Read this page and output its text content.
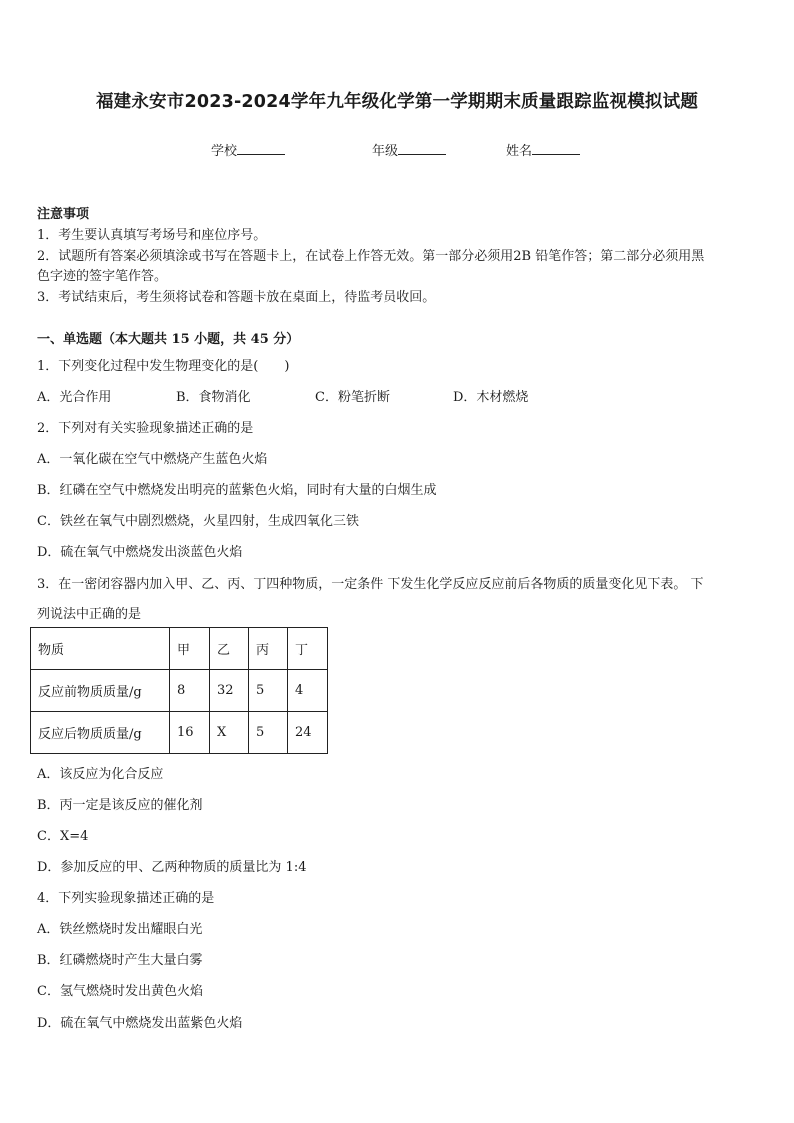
福建永安市2023-2024学年九年级化学第一学期期末质量跟踪监视模拟试题
学校	年级	姓名
注意事项
1．考生要认真填写考场号和座位序号。
2．试题所有答案必须填涂或书写在答题卡上，在试卷上作答无效。第一部分必须用2B 铅笔作答；第二部分必须用黑
色字迹的签字笔作答。
3．考试结束后，考生须将试卷和答题卡放在桌面上，待监考员收回。
一、单选题（本大题共 15 小题，共 45 分）
1．下列变化过程中发生物理变化的是(　　)
A．光合作用	B．食物消化	C．粉笔折断	D．木材燃烧
2．下列对有关实验现象描述正确的是
A．一氧化碳在空气中燃烧产生蓝色火焰
B．红磷在空气中燃烧发出明亮的蓝紫色火焰，同时有大量的白烟生成
C．铁丝在氧气中剧烈燃烧，火星四射，生成四氧化三铁
D．硫在氧气中燃烧发出淡蓝色火焰
3．在一密闭容器内加入甲、乙、丙、丁四种物质，一定条件 下发生化学反应反应前后各物质的质量变化见下表。 下
列说法中正确的是
物质	甲	乙	丙	丁
反应前物质质量/g	8	32	5	4
反应后物质质量/g	16	X	5	24
A．该反应为化合反应
B．丙一定是该反应的催化剂
C．X=4
D．参加反应的甲、乙两种物质的质量比为 1:4
4．下列实验现象描述正确的是
A．铁丝燃烧时发出耀眼白光
B．红磷燃烧时产生大量白雾
C．氢气燃烧时发出黄色火焰
D．硫在氧气中燃烧发出蓝紫色火焰
